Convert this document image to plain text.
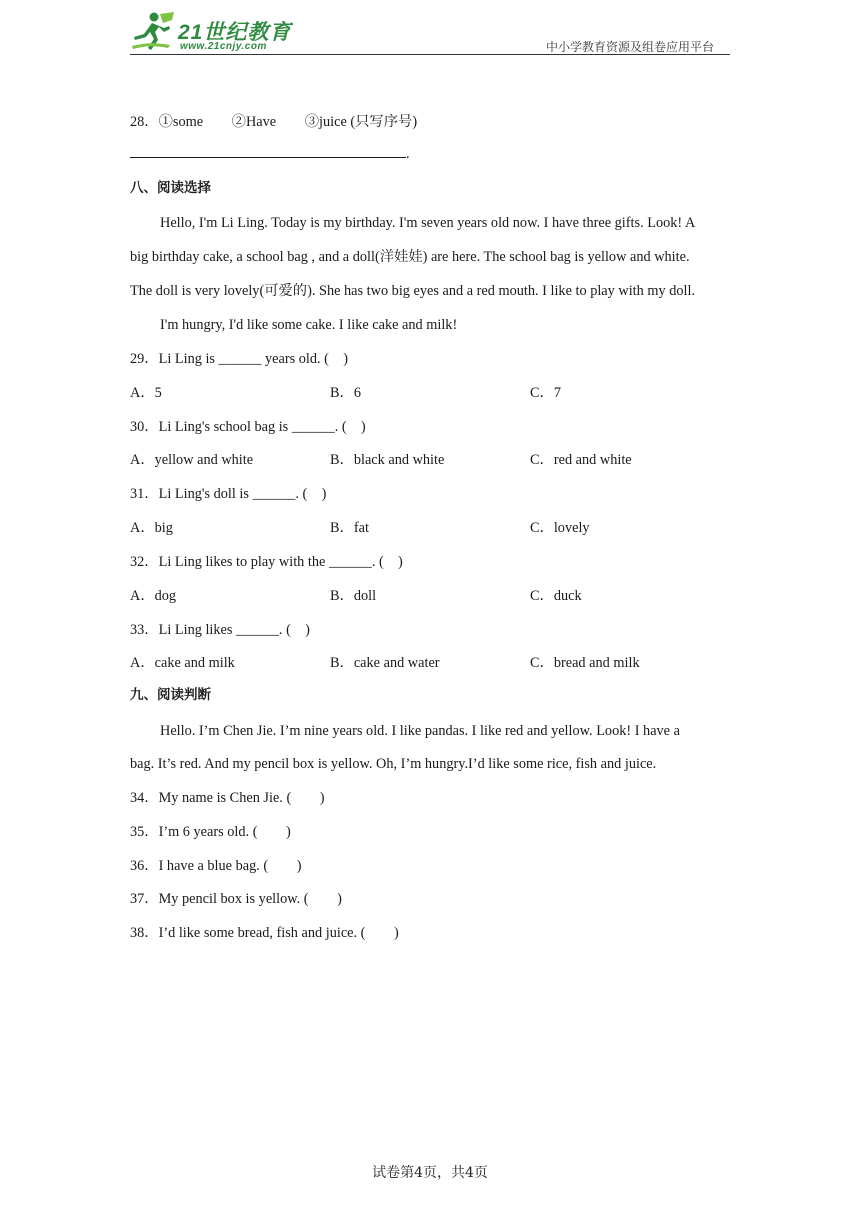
21世纪教育
www.21cnjy.com	中小学教育资源及组卷应用平台
28．①some　　②Have　　③juice (只写序号)
.
八、阅读选择
Hello, I'm Li Ling. Today is my birthday. I'm seven years old now. I have three gifts. Look! A
big birthday cake, a school bag , and a doll(洋娃娃) are here. The school bag is yellow and white.
The doll is very lovely(可爱的). She has two big eyes and a red mouth. I like to play with my doll.
I'm hungry, I'd like some cake. I like cake and milk!
29．Li Ling is ______ years old. (　)
A．5	B．6	C．7
30．Li Ling's school bag is ______. (　)
A．yellow and white	B．black and white	C．red and white
31．Li Ling's doll is ______. (　)
A．big	B．fat	C．lovely
32．Li Ling likes to play with the ______. (　)
A．dog	B．doll	C．duck
33．Li Ling likes ______. (　)
A．cake and milk	B．cake and water	C．bread and milk
九、阅读判断
Hello. I’m Chen Jie. I’m nine years old. I like pandas. I like red and yellow. Look! I have a
bag. It’s red. And my pencil box is yellow. Oh, I’m hungry.I’d like some rice, fish and juice.
34．My name is Chen Jie. (　　)
35．I’m 6 years old. (　　)
36．I have a blue bag. (　　)
37．My pencil box is yellow. (　　)
38．I’d like some bread, fish and juice. (　　)
试卷第4页，共4页
